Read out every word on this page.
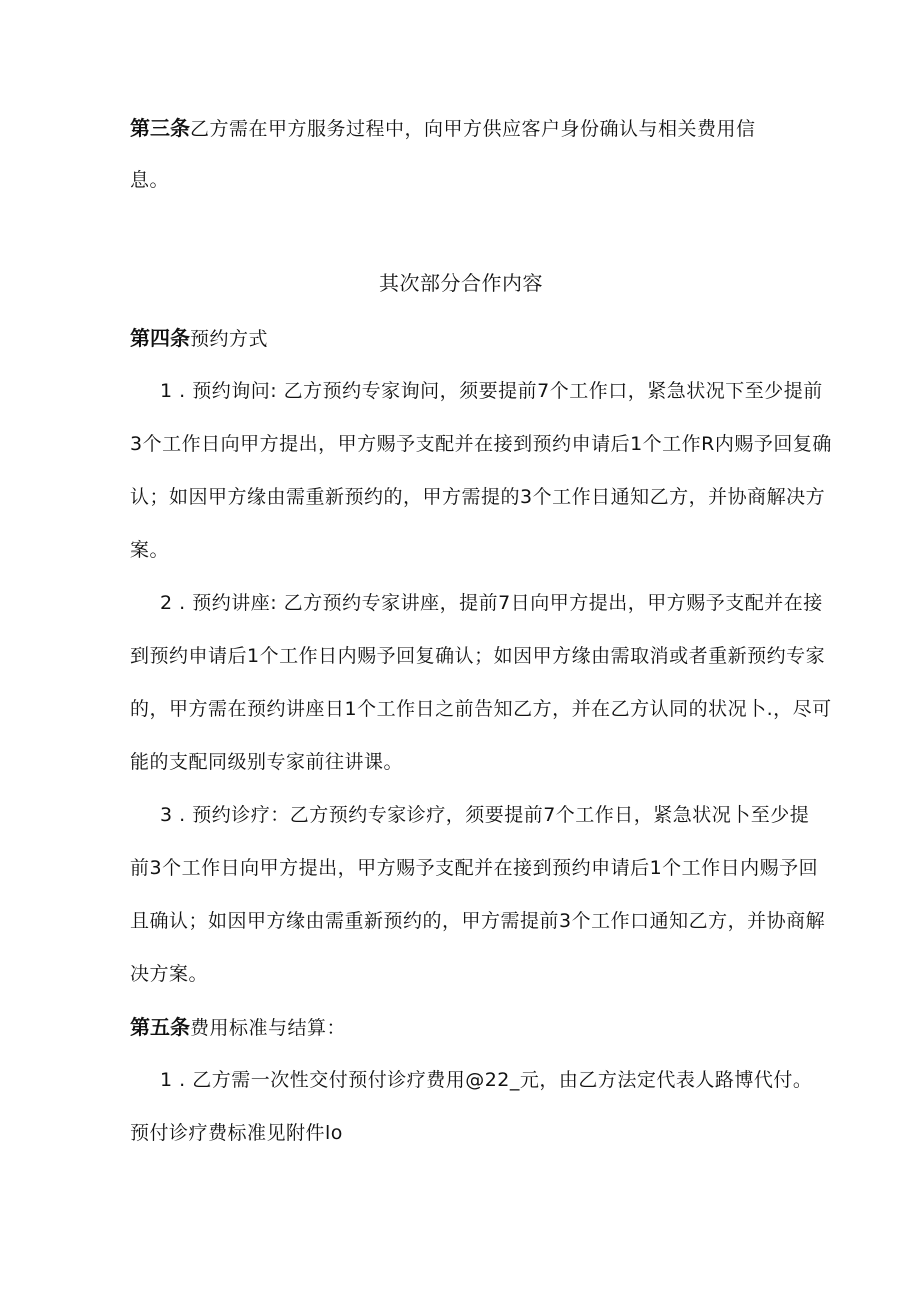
第三条乙方需在甲方服务过程中，向甲方供应客户身份确认与相关费用信
息。
其次部分合作内容
第四条预约方式
1 . 预约询问: 乙方预约专家询问，须要提前7个工作口，紧急状况下至少提前
3个工作日向甲方提出，甲方赐予支配并在接到预约申请后1个工作R内赐予回复确
认；如因甲方缘由需重新预约的，甲方需提的3个工作日通知乙方，并协商解决方
案。
2 . 预约讲座: 乙方预约专家讲座，提前7日向甲方提出，甲方赐予支配并在接
到预约申请后1个工作日内赐予回复确认；如因甲方缘由需取消或者重新预约专家
的，甲方需在预约讲座日1个工作日之前告知乙方，并在乙方认同的状况卜.，尽可
能的支配同级别专家前往讲课。
3 . 预约诊疗：乙方预约专家诊疗，须要提前7个工作日，紧急状况卜至少提
前3个工作日向甲方提出，甲方赐予支配并在接到预约申请后1个工作日内赐予回
且确认；如因甲方缘由需重新预约的，甲方需提前3个工作口通知乙方，并协商解
决方案。
第五条费用标准与结算：
1 . 乙方需一次性交付预付诊疗费用@22_元，由乙方法定代表人路博代付。
预付诊疗费标准见附件lo
